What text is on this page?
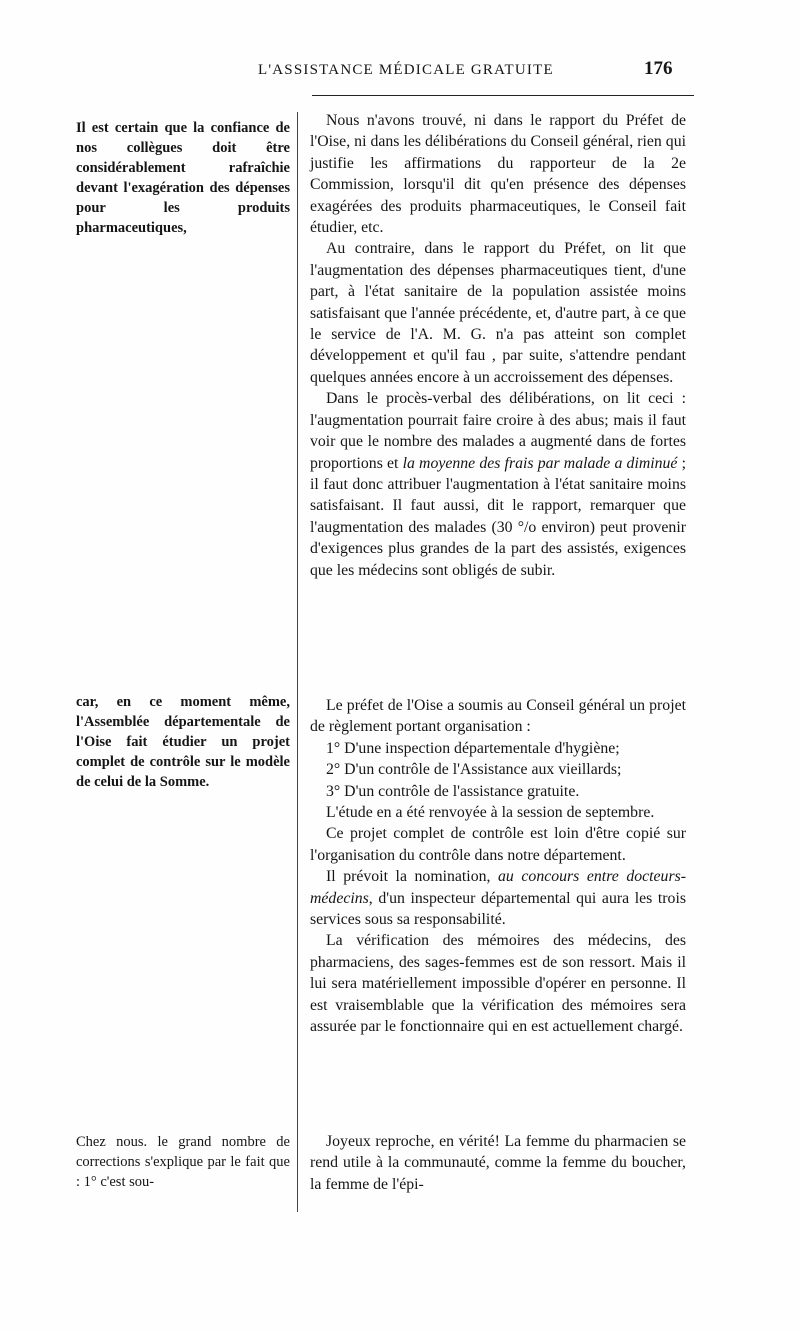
L'ASSISTANCE MÉDICALE GRATUITE	176
Il est certain que la confiance de nos collègues doit être considérablement rafraîchie devant l'exagération des dépenses pour les produits pharmaceutiques,
car, en ce moment même, l'Assemblée départementale de l'Oise fait étudier un projet complet de contrôle sur le modèle de celui de la Somme.
Chez nous. le grand nombre de corrections s'explique par le fait que : 1° c'est sou-

Nous n'avons trouvé, ni dans le rapport du Préfet de l'Oise, ni dans les délibérations du Conseil général, rien qui justifie les affirmations du rapporteur de la 2e Commission, lorsqu'il dit qu'en présence des dépenses exagérées des produits pharmaceutiques, le Conseil fait étudier, etc.

Au contraire, dans le rapport du Préfet, on lit que l'augmentation des dépenses pharmaceutiques tient, d'une part, à l'état sanitaire de la population assistée moins satisfaisant que l'année précédente, et, d'autre part, à ce que le service de l'A. M. G. n'a pas atteint son complet développement et qu'il fau , par suite, s'attendre pendant quelques années encore à un accroissement des dépenses.

Dans le procès-verbal des délibérations, on lit ceci : l'augmentation pourrait faire croire à des abus; mais il faut voir que le nombre des malades a augmenté dans de fortes proportions et la moyenne des frais par malade a diminué ; il faut donc attribuer l'augmentation à l'état sanitaire moins satisfaisant. Il faut aussi, dit le rapport, remarquer que l'augmentation des malades (30 °/o environ) peut provenir d'exigences plus grandes de la part des assistés, exigences que les médecins sont obligés de subir.

Le préfet de l'Oise a soumis au Conseil général un projet de règlement portant organisation :

1° D'une inspection départementale d'hygiène;

2° D'un contrôle de l'Assistance aux vieillards;

3° D'un contrôle de l'assistance gratuite.

L'étude en a été renvoyée à la session de septembre.

Ce projet complet de contrôle est loin d'être copié sur l'organisation du contrôle dans notre département.

Il prévoit la nomination, au concours entre docteurs-médecins, d'un inspecteur départemental qui aura les trois services sous sa responsabilité.

La vérification des mémoires des médecins, des pharmaciens, des sages-femmes est de son ressort. Mais il lui sera matériellement impossible d'opérer en personne. Il est vraisemblable que la vérification des mémoires sera assurée par le fonctionnaire qui en est actuellement chargé.

Joyeux reproche, en vérité! La femme du pharmacien se rend utile à la communauté, comme la femme du boucher, la femme de l'épi-
